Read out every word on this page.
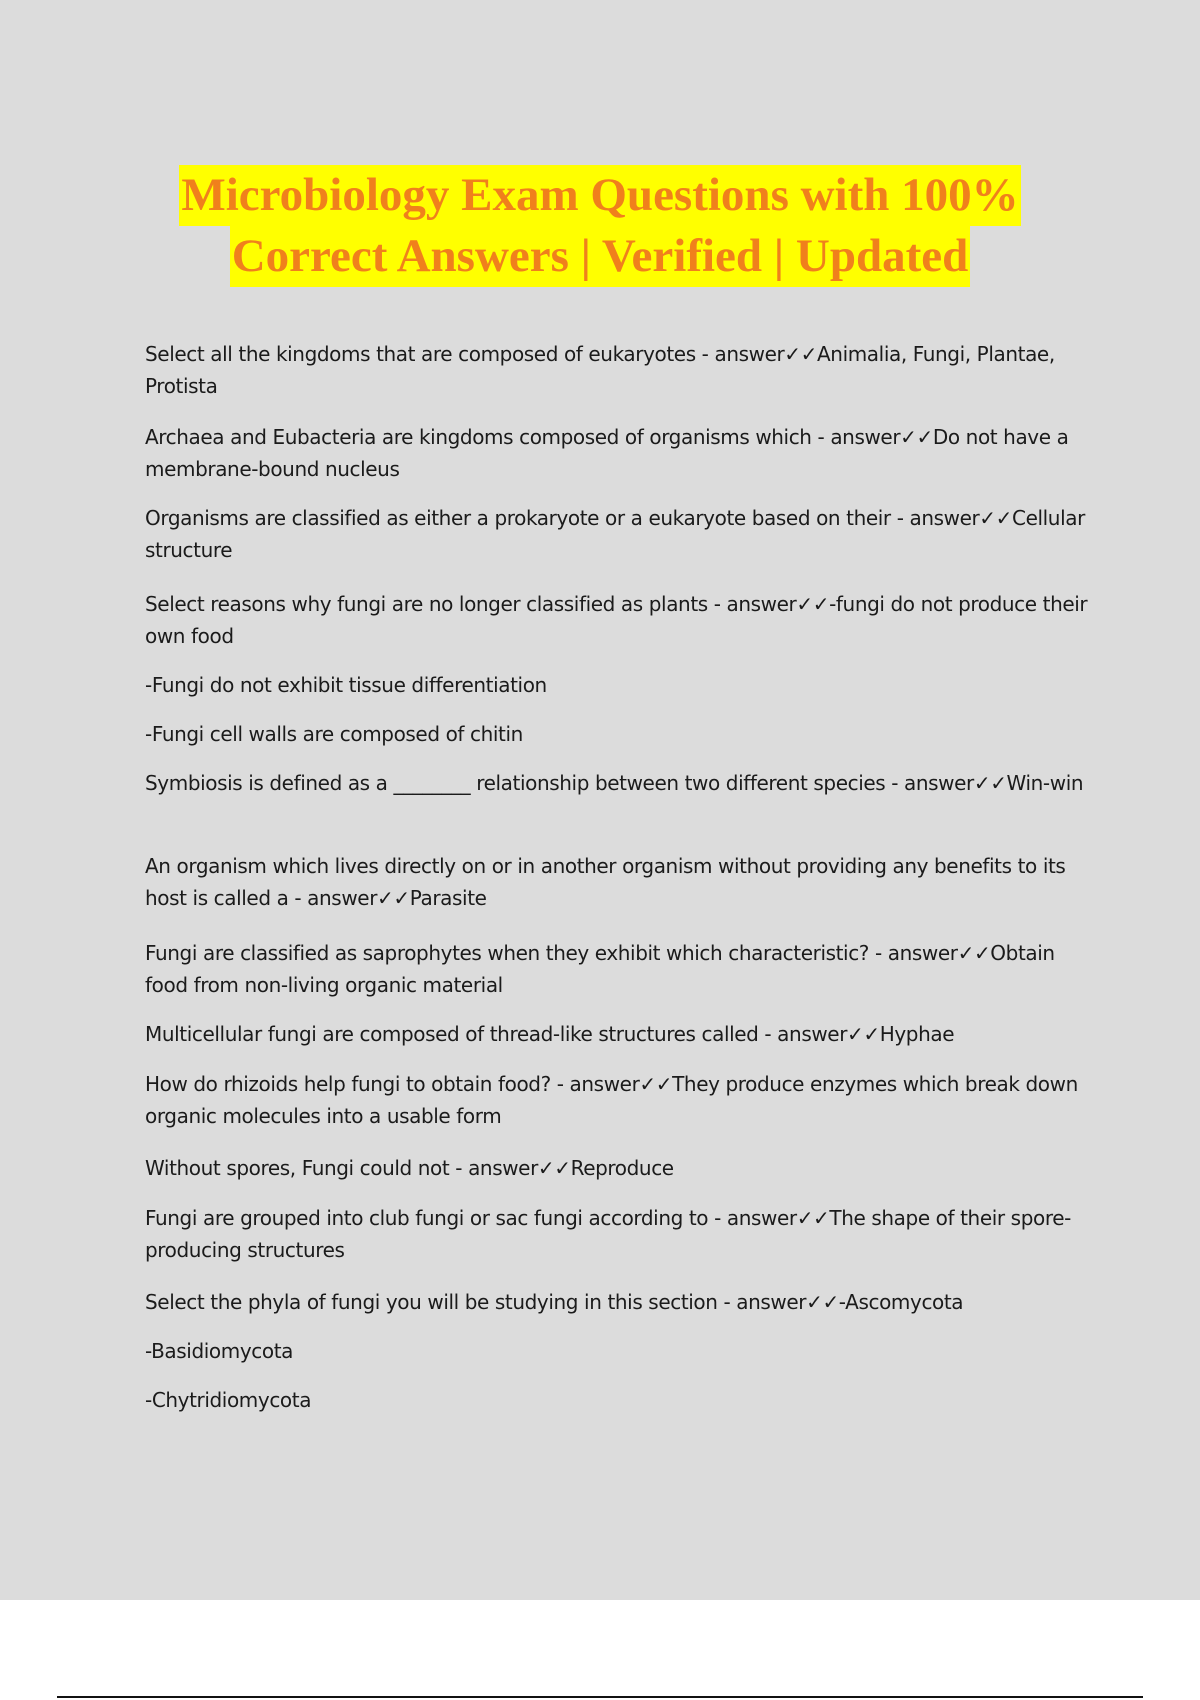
Microbiology Exam Questions with 100%
Correct Answers | Verified | Updated

Select all the kingdoms that are composed of eukaryotes - answer✓✓Animalia, Fungi, Plantae, Protista

Archaea and Eubacteria are kingdoms composed of organisms which - answer✓✓Do not have a membrane-bound nucleus

Organisms are classified as either a prokaryote or a eukaryote based on their - answer✓✓Cellular structure

Select reasons why fungi are no longer classified as plants - answer✓✓-fungi do not produce their own food

-Fungi do not exhibit tissue differentiation

-Fungi cell walls are composed of chitin

Symbiosis is defined as a ________ relationship between two different species - answer✓✓Win-win

An organism which lives directly on or in another organism without providing any benefits to its host is called a - answer✓✓Parasite

Fungi are classified as saprophytes when they exhibit which characteristic? - answer✓✓Obtain food from non-living organic material

Multicellular fungi are composed of thread-like structures called - answer✓✓Hyphae

How do rhizoids help fungi to obtain food? - answer✓✓They produce enzymes which break down organic molecules into a usable form

Without spores, Fungi could not - answer✓✓Reproduce

Fungi are grouped into club fungi or sac fungi according to - answer✓✓The shape of their spore-producing structures

Select the phyla of fungi you will be studying in this section - answer✓✓-Ascomycota

-Basidiomycota

-Chytridiomycota
